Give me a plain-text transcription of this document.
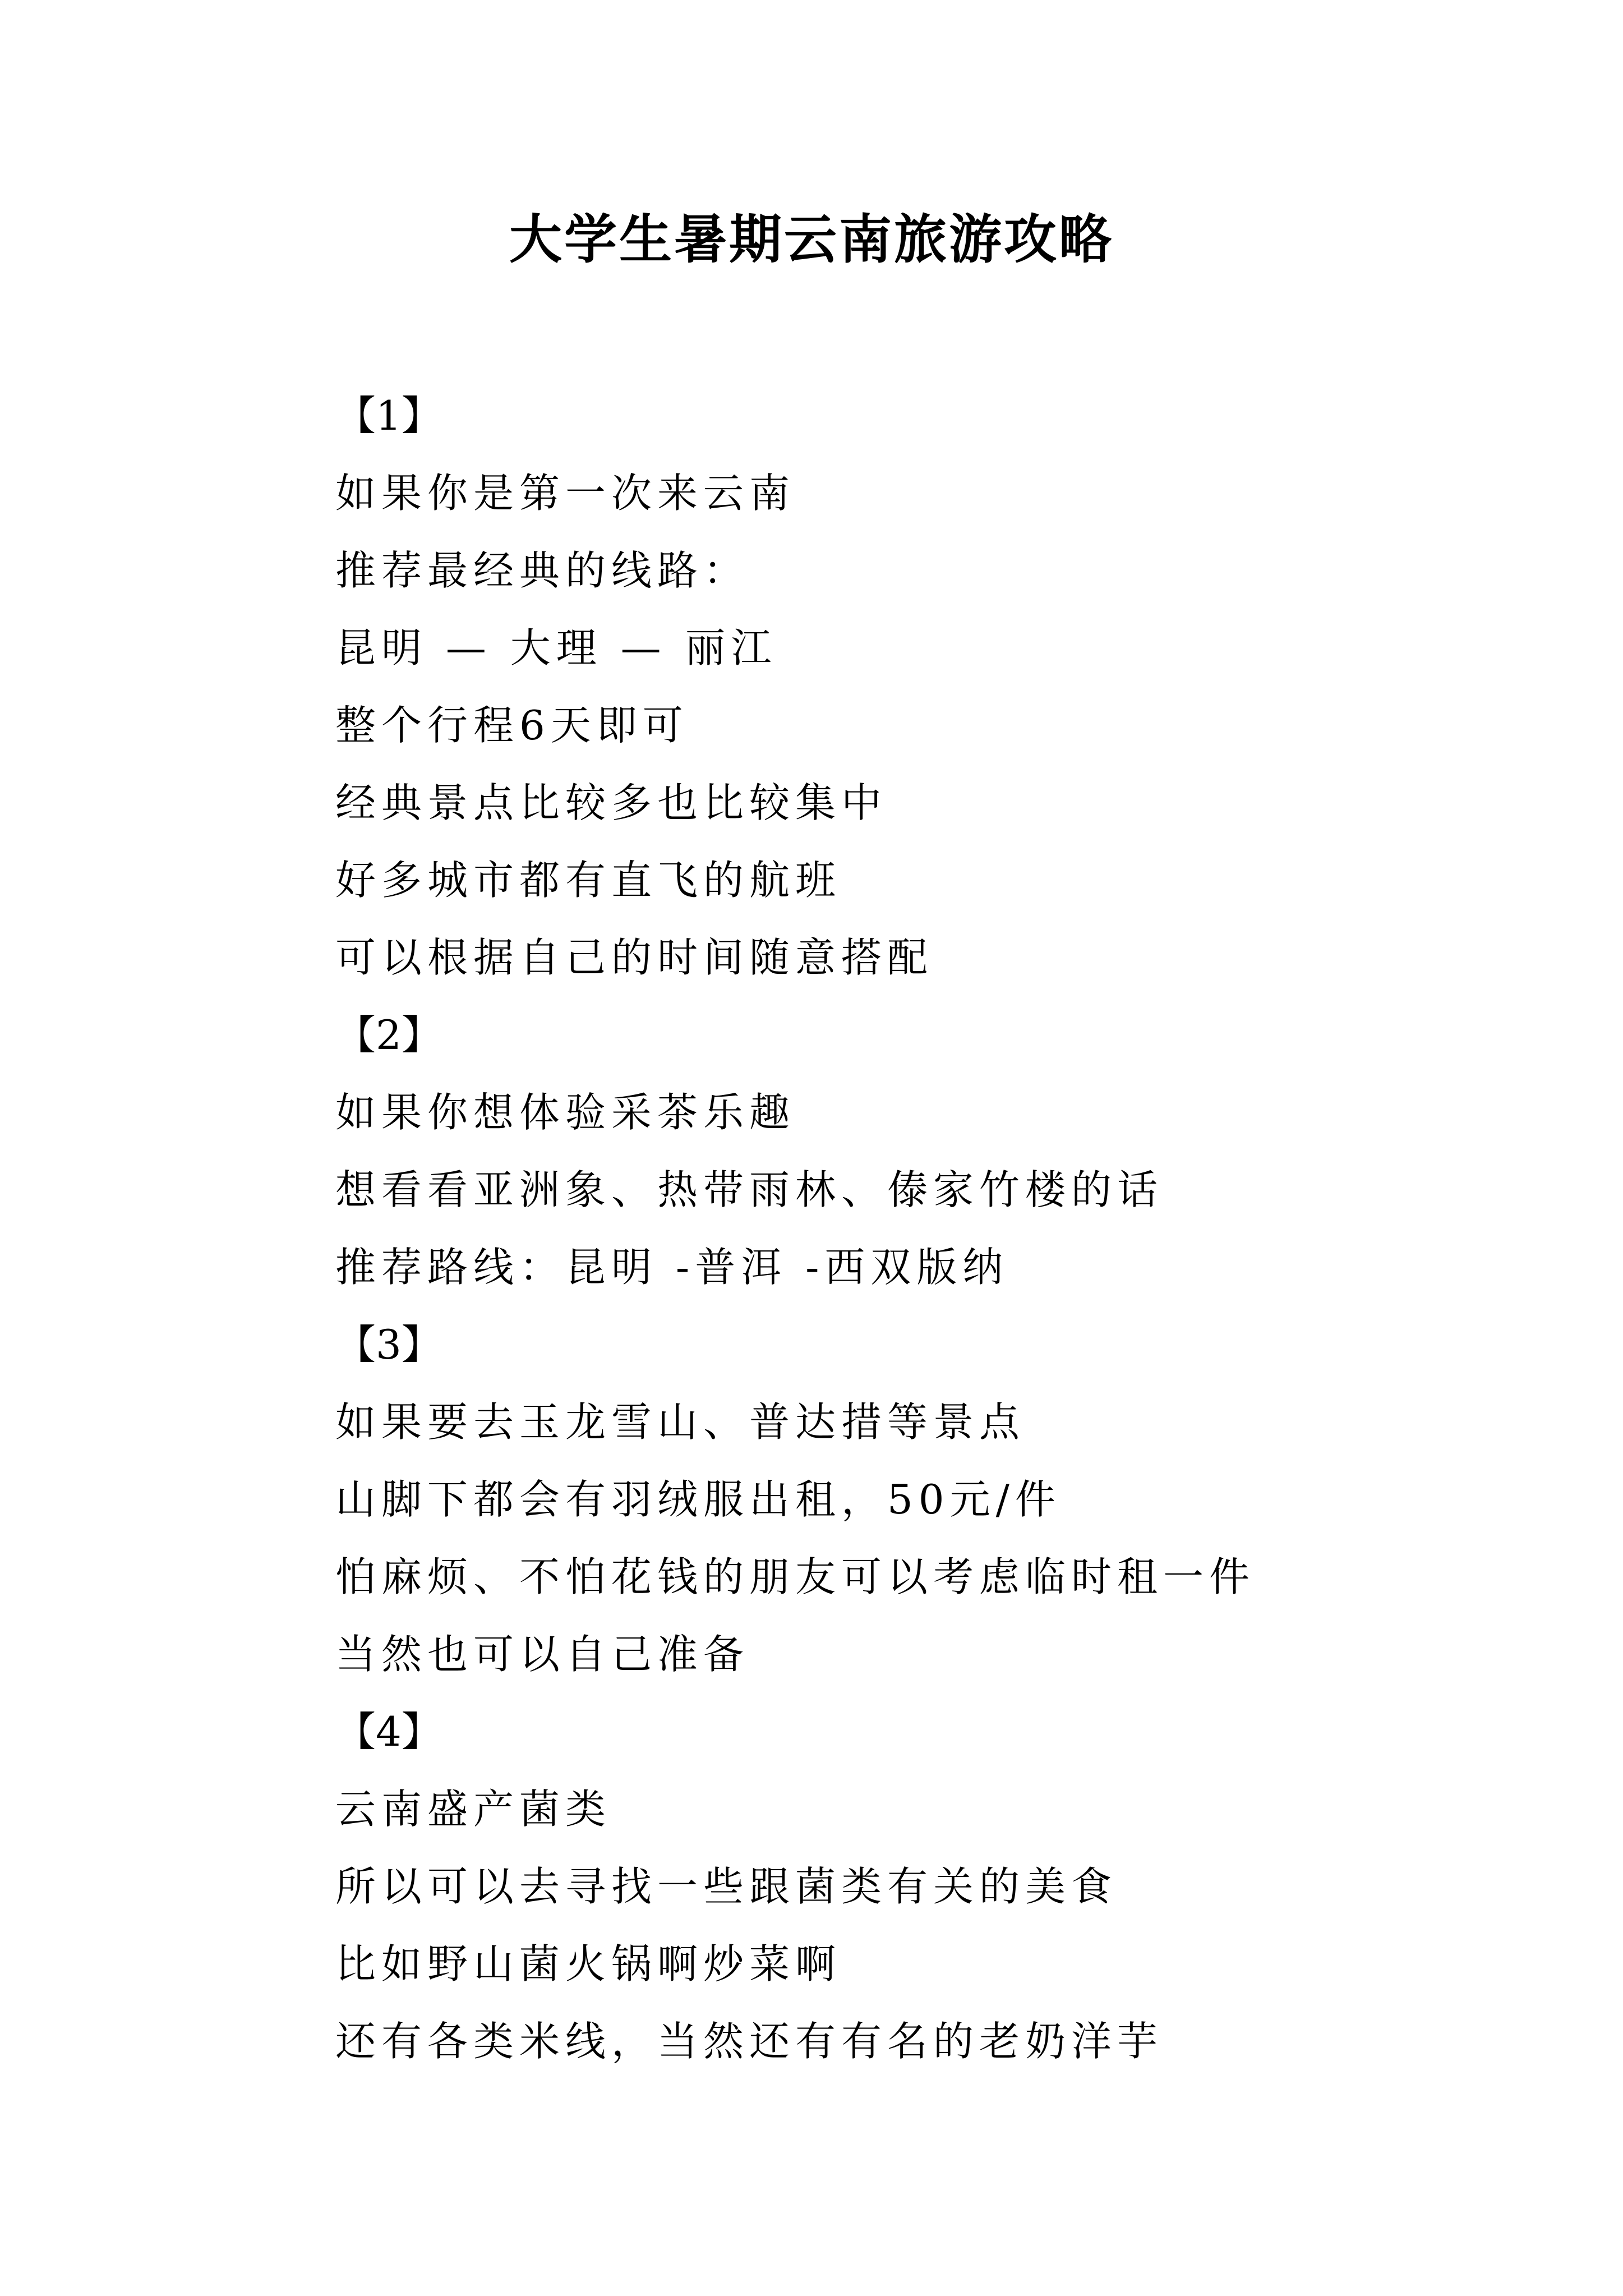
大学生暑期云南旅游攻略
【1】

如果你是第一次来云南

推荐最经典的线路：

昆明 — 大理 — 丽江

整个行程6天即可

经典景点比较多也比较集中

好多城市都有直飞的航班

可以根据自己的时间随意搭配

【2】

如果你想体验采茶乐趣

想看看亚洲象、热带雨林、傣家竹楼的话

推荐路线：昆明 -普洱 -西双版纳

【3】

如果要去玉龙雪山、普达措等景点

山脚下都会有羽绒服出租，50元/件

怕麻烦、不怕花钱的朋友可以考虑临时租一件

当然也可以自己准备

【4】

云南盛产菌类

所以可以去寻找一些跟菌类有关的美食

比如野山菌火锅啊炒菜啊

还有各类米线，当然还有有名的老奶洋芋
